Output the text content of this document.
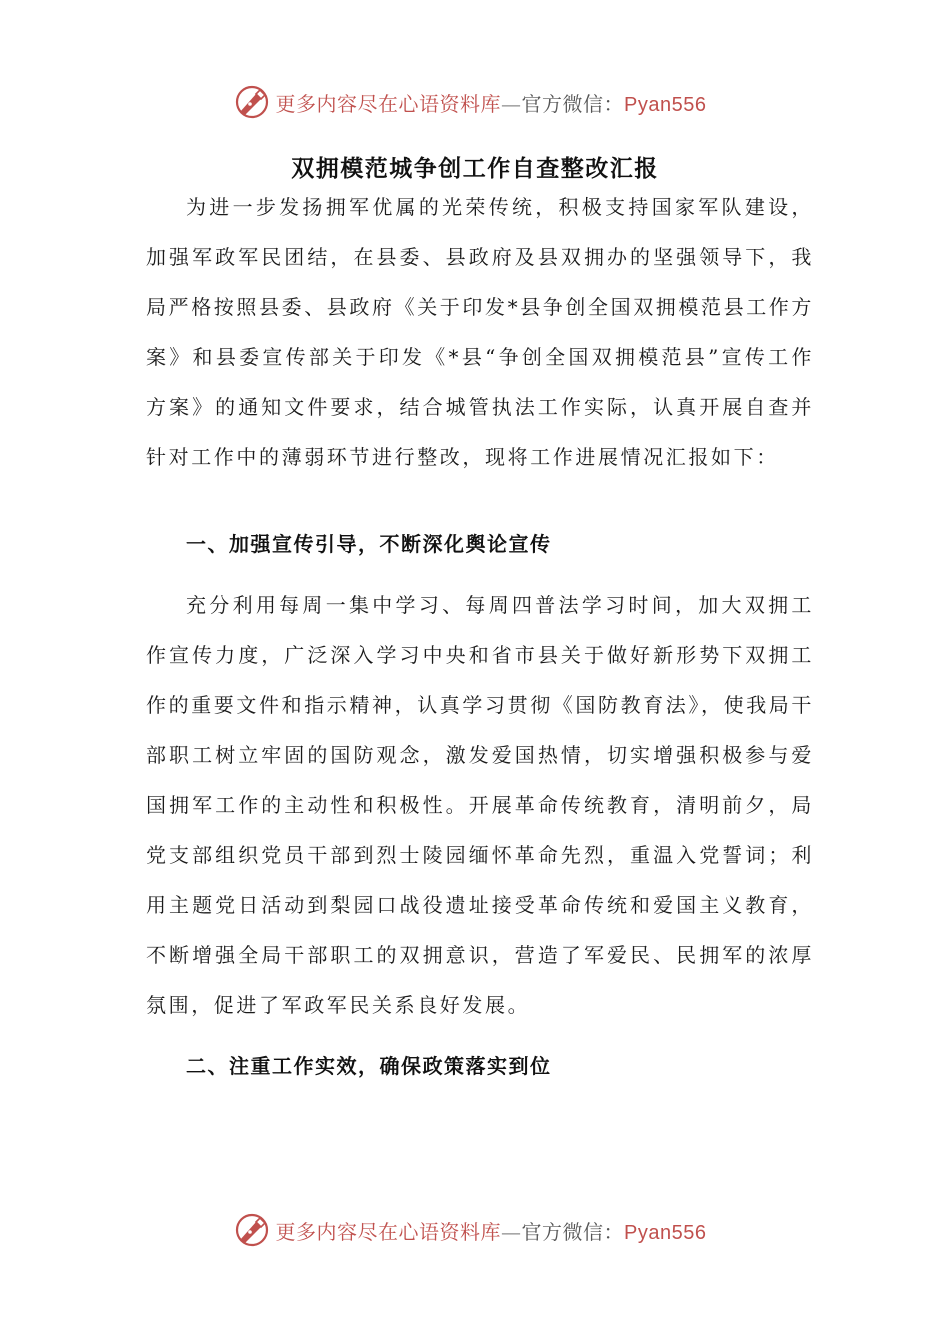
更多内容尽在心语资料库—官方微信：Pyan556
双拥模范城争创工作自查整改汇报

为进一步发扬拥军优属的光荣传统，积极支持国家军队建设，加强军政军民团结，在县委、县政府及县双拥办的坚强领导下，我局严格按照县委、县政府《关于印发*县争创全国双拥模范县工作方案》和县委宣传部关于印发《*县“争创全国双拥模范县”宣传工作方案》的通知文件要求，结合城管执法工作实际，认真开展自查并针对工作中的薄弱环节进行整改，现将工作进展情况汇报如下：

一、加强宣传引导，不断深化舆论宣传

充分利用每周一集中学习、每周四普法学习时间，加大双拥工作宣传力度，广泛深入学习中央和省市县关于做好新形势下双拥工作的重要文件和指示精神，认真学习贯彻《国防教育法》，使我局干部职工树立牢固的国防观念，激发爱国热情，切实增强积极参与爱国拥军工作的主动性和积极性。开展革命传统教育，清明前夕，局党支部组织党员干部到烈士陵园缅怀革命先烈，重温入党誓词；利用主题党日活动到梨园口战役遗址接受革命传统和爱国主义教育，不断增强全局干部职工的双拥意识，营造了军爱民、民拥军的浓厚氛围，促进了军政军民关系良好发展。

二、注重工作实效，确保政策落实到位
更多内容尽在心语资料库—官方微信：Pyan556
